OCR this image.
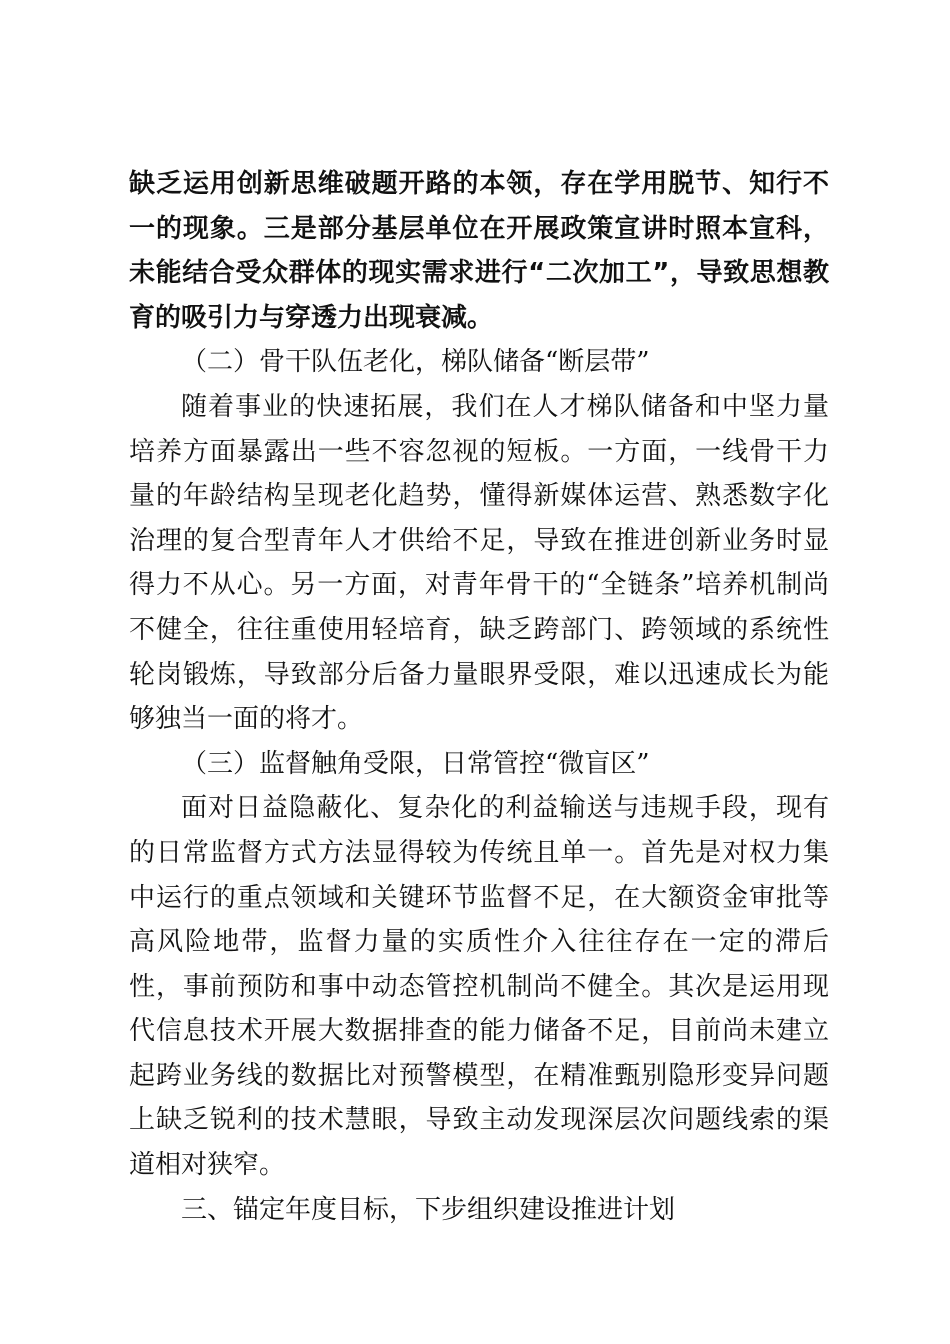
缺乏运用创新思维破题开路的本领，存在学用脱节、知行不一的现象。三是部分基层单位在开展政策宣讲时照本宣科，未能结合受众群体的现实需求进行“二次加工”，导致思想教育的吸引力与穿透力出现衰减。

（二）骨干队伍老化，梯队储备“断层带”

随着事业的快速拓展，我们在人才梯队储备和中坚力量培养方面暴露出一些不容忽视的短板。一方面，一线骨干力量的年龄结构呈现老化趋势，懂得新媒体运营、熟悉数字化治理的复合型青年人才供给不足，导致在推进创新业务时显得力不从心。另一方面，对青年骨干的“全链条”培养机制尚不健全，往往重使用轻培育，缺乏跨部门、跨领域的系统性轮岗锻炼，导致部分后备力量眼界受限，难以迅速成长为能够独当一面的将才。

（三）监督触角受限，日常管控“微盲区”

面对日益隐蔽化、复杂化的利益输送与违规手段，现有的日常监督方式方法显得较为传统且单一。首先是对权力集中运行的重点领域和关键环节监督不足，在大额资金审批等高风险地带，监督力量的实质性介入往往存在一定的滞后性，事前预防和事中动态管控机制尚不健全。其次是运用现代信息技术开展大数据排查的能力储备不足，目前尚未建立起跨业务线的数据比对预警模型，在精准甄别隐形变异问题上缺乏锐利的技术慧眼，导致主动发现深层次问题线索的渠道相对狭窄。

三、锚定年度目标，下步组织建设推进计划
